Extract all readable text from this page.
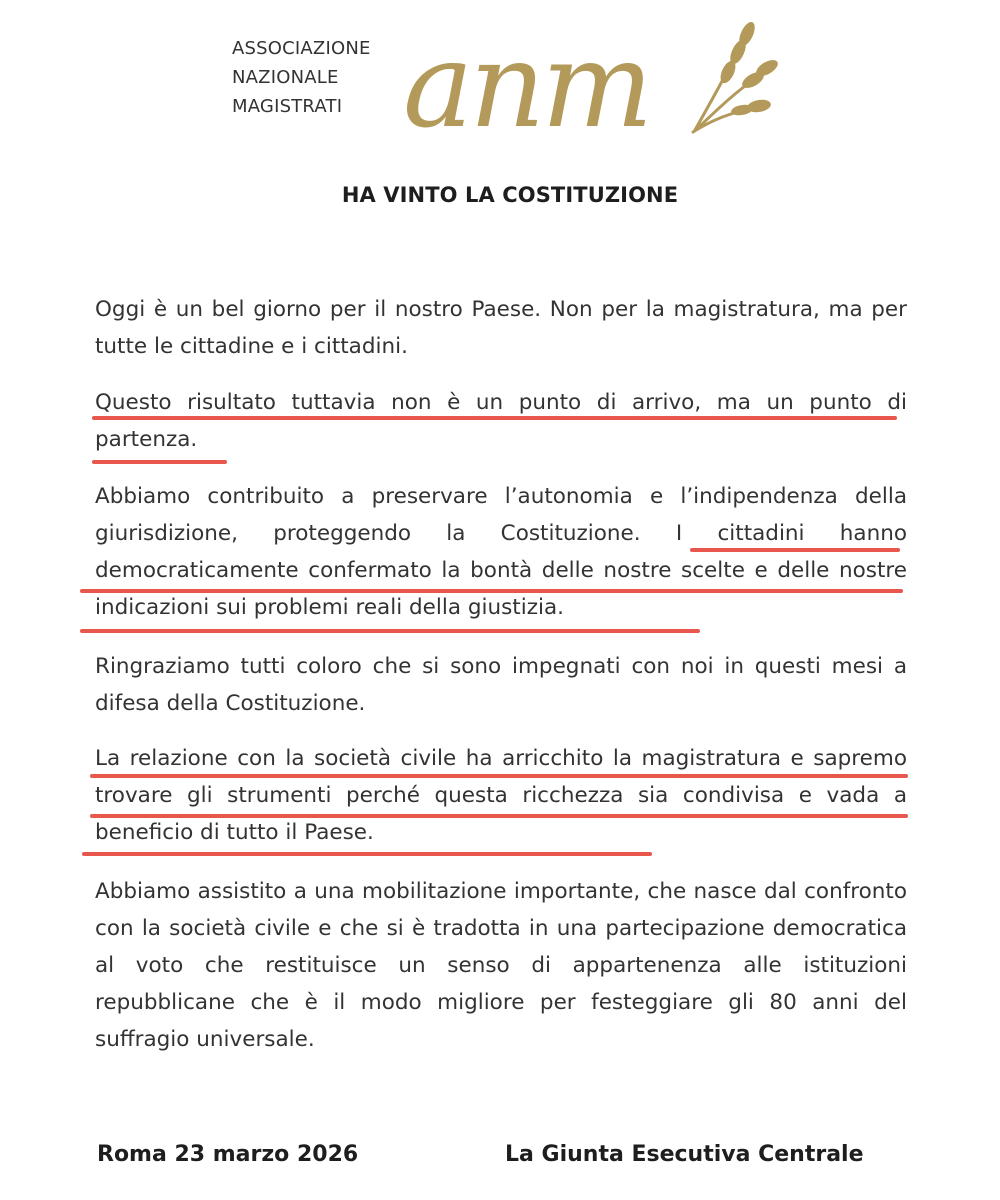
ASSOCIAZIONE
NAZIONALE
MAGISTRATI anm
HA VINTO LA COSTITUZIONE

Oggi è un bel giorno per il nostro Paese. Non per la magistratura, ma per tutte le cittadine e i cittadini.

Questo risultato tuttavia non è un punto di arrivo, ma un punto di partenza.

Abbiamo contribuito a preservare l’autonomia e l’indipendenza della giurisdizione, proteggendo la Costituzione. I cittadini hanno democraticamente confermato la bontà delle nostre scelte e delle nostre indicazioni sui problemi reali della giustizia.

Ringraziamo tutti coloro che si sono impegnati con noi in questi mesi a difesa della Costituzione.

La relazione con la società civile ha arricchito la magistratura e sapremo trovare gli strumenti perché questa ricchezza sia condivisa e vada a beneficio di tutto il Paese.

Abbiamo assistito a una mobilitazione importante, che nasce dal confronto con la società civile e che si è tradotta in una partecipazione democratica al voto che restituisce un senso di appartenenza alle istituzioni repubblicane che è il modo migliore per festeggiare gli 80 anni del suffragio universale.

Roma 23 marzo 2026	La Giunta Esecutiva Centrale
